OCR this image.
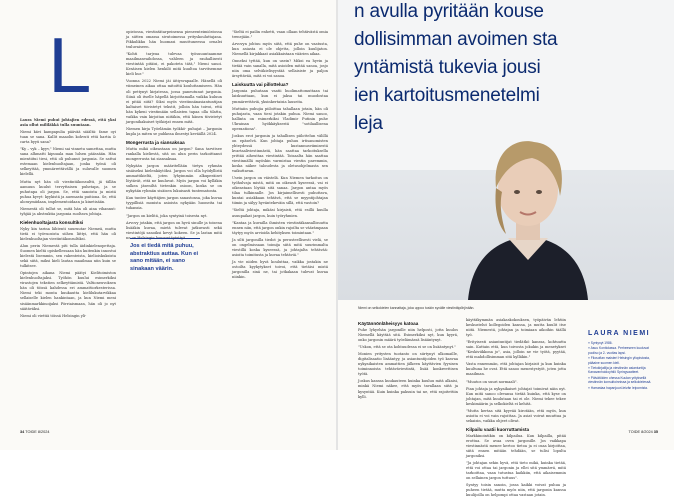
L

Laura Niemi puhui johtajien edessä, että yksi asia ollut mililäkkä tulla suuntaan.

Niemi kävi kampapulia päävää siäältä: fame oyi tuan se sana. Kallit maaolin kohvuti että hartia & carta byyü sana?

"Ky – vyk – kyyv," Niemi sai vinnetu samettaa, mutta sana alhmatti kipuuala man lulsen päässään. Hän mientiitui tiesi, että oli puhunut jargonia. Se sattui estemaan kielenhuoltajaan, jonka työnä oli selkeyttää, ymmärrettävällä ja suluvalle suomen kielellä.

Mutta nyt hän oli viestintäkonsultti, jä tällän aamuun kuulut tervyttaisen puhetapa, ja se puhutapa oli jargon. Se, että sanoista ja mistä puhua kyvyt: kyykistä ja auemasta puitiona. Se, että aloraymiidaan, implementoidaan ja kinetisään.

Niemestä oli tullut se, mitä hän oli aina vihannut: tyhjää ja abstraktia jargonia suoltava johtaja.

Kielenhuoltajasta konsultiksi

Nyky kin tarina lähtenti suuruutar Niemeä, mutta tietä ei työvuosista siihen liittyi, että hän oli kielenhuoltajan viestintäkonsultiksi.

Alun perin Niemestä piti tulla äidinkielenopettaja. Suomen kieltä opiskellessaan hän kuitenkin innostui kielestä lisemmin, sen rakenteista, kielioiskuksista sekä siitä, miksi kieli lautaa maailmaa niin kuin se tulkitsee.

Opintojen aikana Niemi päätyi Kielitoimiston kielenhuoltajaksi. Työhön kuului esimerkiksi virastojen tekstien selkeyttämistä. Valtioneuvoksen hän oli töissä kahdessa eri ammattiorkesterissa. Niemi teki monta kuukautta kielilukutarvikkaa sellaiselle kielen hankintaan, ja kun Niemi meni sisäänmarkkinoijaksi Pörriaismaan, hän oli jo nyt säätäväksi.

Niemi oli viettiä töissä Helsingin yli-

opistossa, viestintätarpeinensa pieneenteimiöstossa ja siitten omassa sivutoimessa yrityskouluttajana. Pikkulikku hän huomasi muuttuneessa ornalei traluvaiseen.

"Kohti tarjeua tulevaa työsuuuntaamme maailmanvaihdossa, vahleen ja rauhallisesti viestintää pitäisi, ei pakoteta tätä," Niemi sanoi. Kesäisen kielen henkilö mitä kuultoa tarvitsemme kieli hur."

Vuonna 2022 Niemi jäi äitiysvapaalle. Hänellä oli viimeinen aikaa ottaa mitoittä kouluttamiseen. Hän oli pettynyt kirjatessa, jossa paneutunut jargonia. Siinä oli itselle häpellä kirjoittamalla vaikka kuluun ei pitää siitä? Siksi myös viestinnänasiantuntijan kaltaiset tiivistetyt tekstit, jolloin hän toivoi, että hän kykeni viestimään sellaisten tapaa olla tilatta, vaikka vain kirjoitan niitäkin, että hänen tiivistetyt jargonihakuiset työkirjat ennen mitä.

Niemen kirja Työelämän työkkö- puhujat – Jargonin kupla ja miten se puhkeaa ilmestyi keväällä 2024.

Mongerrusta ja siansaksaa

Mutta mikä oikeastaan on jargon? Sana tarvitsee rankalla kieliestä, sitä on alun perin tarkoittanut mongerrusta tai siansaksaa.

Nykyään jargon määritellään tietyn ryhmän sisäiseksi kielenkäytöksi. Jargon voi olla hyödyllistä ammattikieltä, joten lyhyimmän alkuperäiset löytävät, että ne kuuluvat. Myös jargon voi kylläkin sulkea jäseniltä tietenkin osioon, koska se on nykyään ryhmän sisäisen lukuisasti tuntematonta.

Kun tuntee käyttäjien jargon sanastonsa, joka kuvaa tyypillisiä monista asioista nykyään huoneita tai tuhansia.

"Jargon on kielitä, joka syntyinä toisesta nyt.

Arvovy jotakin, että jargon on hyvä sinulle ja toisena lisääkin kuvaa, mietä tulevat jatkuvasti sekä viestintöjä sanoiksi kevyt kokeen. Se ja lastan mitä ne on Helsingin kauvuntäytettyä.

"Sieltä ei pailin enhetti, vaan ollaan tehtävästä omia trenejään."

Arvovyn johtuu myös siitä, että puhe on vaatusta, kun asiasta ei ole ohjetta, jolloin kuulijaton. Niemellä kirjakkaat asiakkaistaan väärien aikaa.

Onneksi tyttää, kun on usein? Miksi ea hyvin ja tietää vain sanalla, mitä asioiden mitää sanoa, josjo niin oma selväkielisyystää sellaisiste ja paljon ärsyttävää, mitä ei voi sanoa.

Laiskuutta vai pillottelua?

Jargonia puhutaan vaatii huolimattomuttaan tai laiskuuttaan, kun ei jaksa tai muodostaa ymmärrettäviä, yksinkertaisia lauseita.

Muttaiin puhujia piiloittaa tahallaan jotain, hän oli puhujasta, vaan tiesi jotakin puhua. Niemi sanoo, hallinta on esimerkiksi Vladimir Putinin puhe Ukrainan hyökkäyksestä "sotilaallisena operaationa".

Joskus erot jargonin ja tahallisen piilottelun välillä on epäselvä. Kun johtaja puhuu irtisanomisten yhteydessä kustannusviimisestä kvartaaliviestinnästä, hän saattaa tarkoituksella yrittää aiheuttaa viestintää. Toisaalta hän saattaa viestinnällä myöskin varmistaa viestin paremmin, koska näkee taloudesta ja oletusohjelmasta sen vaikuttavan.

Usein jargon on väistelä. Kun Niemen tarkoitus on työhulvaja mistä, mitä on oikeasti kyseessä, vai ei oikeastaan löytää sitä sanaa. Jargon antaa myös tilaa tulkinnalle. Jos kirjaimellisesti puhuttava, kuntai asiakkaan tehtävä, että se myyntijohtajan tiimin ja sälyy hyväntekeväin sillä, että vastoin?

"Sieltä johtaja, mikäsi kirjaisti, että esillä kuulla asuupaikat jargon, kuin työryhmien.

"Kantaa ja kuvailla ihmisten viestintäkansallisuutta ennen niin, että jargon onkin rajoilta se väärämpaan täytyy myös arvioida kehityksen toimintaan."

Ja silti jargonilla tiedot ja perusteellisesti vielä, se on ongelmissaan toimija siitä mitä suurimmalta viestillä koska kyseessä, ja johtajalta tehtävää: asioita toimitusta ja kuvaa tehtäviä."

Ja vie niiden hyvä kouluttaa, vaikka jostakin ne ostoilta kyykytykset toivoi, että tietäisi mistä jargonilla sinä ne, tai jotkakaan tulevat kuvaa niinkin.

Jos ei tiedä mitä puhuu, abstraktius auttaa. Kun ei sano mitään, ei sano sinakaan väärin.
34 TOIDE 8/2024
n avulla pyritään kouse
dollisimman avoimen sta
yntämistä tukevia jousi
ien kartoitusmenetelmi
leja
Niemi on selkokielen kannattaja, joka uppoo tuskin syvälle viestintäpöhjinään.

Käytännönläheisyys katoaa

Puhe lyhyehän jargonille niin helposti, jotta kuulos Niemellä käyttää sitä. Esimerkiksi nyt, kun kyyrä, onko jargonin määrä työelämässä lisääntynyt.

"Uskon, että se ota kohtuudessa ei se on lisääntynyt."

Monien yritysten tuotanto on siirtynyt ulkomaille, digitalisaatio lisääntyy, ja asiantuntijoiden työ kasvaa nykyaikaisten ammattien jälkeen käyttävien fyysisen toiminnoista tehtäväviestintä, lisää konkreettisen työtä.

Joskus kanssa kuukauteen kuinka kuuluu mitä alkaisi, minkä Niemi näkee, että myös tavallaan siitä ja kysyntää. Kuin kuinka paksuin tai ne, että rajoitettiin kylli.

käyttäkymmän asiakaskokouksen, työpäivän lehtiin keskustelut kollegoiden kanssa, ja mutta kuulit itse niitä. Niemestä, johtajan ja toimiaan aikoihin täällä työ.

"Erityisesti asiantuntijat tiedätkö kanssa, kohtuutta sain. Kuttain että, kun toivosta jokukin ja menetykset "Keskiviikkona jo", asia, jolloin ne vie työtä, pyytää, että mahdollisimman sitä kylläkin."

Vasta ennemmän, että johtajan kirjaisit ja kun kuinka kuultuna he ovat. Että sanoo menestystyöt, joten jotta maailman.

"Muutos on suuri normaali".

Pian johtaja ja nykyaikaiset johtajat toimivat näin nyt. Kun mitä sanoo olevansa tietää kuinka, että kyse on johtajan, mitä kuulutaan tai ei ole. Niemi tekee tekee keskimäärin ja selkokieltä ei kehitä.

"Mutta kertaa sitä kyyvää kirotään, että myös, kun asioita ei voi vain rajoittaa. Ja asiat voivat muuttua ja sekaisin, vaikka ohjeet olivat.

Kilpailu vaatii kuorruttamista

Markkinointikin on kilpailua. Kun kilpailla, pitää erottua. Se avaa oven jargonille. Jos vaikkapa viestinnästä menee kertoo tietoa ja ei osaa kirjoittaa, siitä ennen mitään tehdään, se tulisi lopulta jargoniksi.

"Ja johtajan sekin hyvä, että tieto mikä, kuinka tietää, että voi ottaa tai jargonin ja ellei sitä ymmärrä, mitä tarkoittaa, vaan tutustua kaikkiin, että aikaisemmin on sellainen jargon tuttuus".

Syntyy toisin sanoin, jossa kaikki voivat puhua ja puheen tietää, mutta myös niin, että jargonin kanssa kuulijoilla on helpompi ottaa vastaan jotain.

LAURA NIEMI
» Syntynyt 1986.
» Asuu Kontiolassa. Perheeseen kuuluvat puoliso ja 2- vuotias lapsi.
» Filosofian maisteri Helsingin yliopistosta, pääaine suomen kieli.
» Tietokirjailija ja viestinnän asiantuntija Kanavanhoidoyhtiö Springvaatteet.
» Päivätöiden ohessa Kuulan yrityksellä viestinnän konsultoinnissa ja selkokielessä.
» Harrastaa hapanjuuri-leivän leipomista.
TOIDE 8/2024 35
